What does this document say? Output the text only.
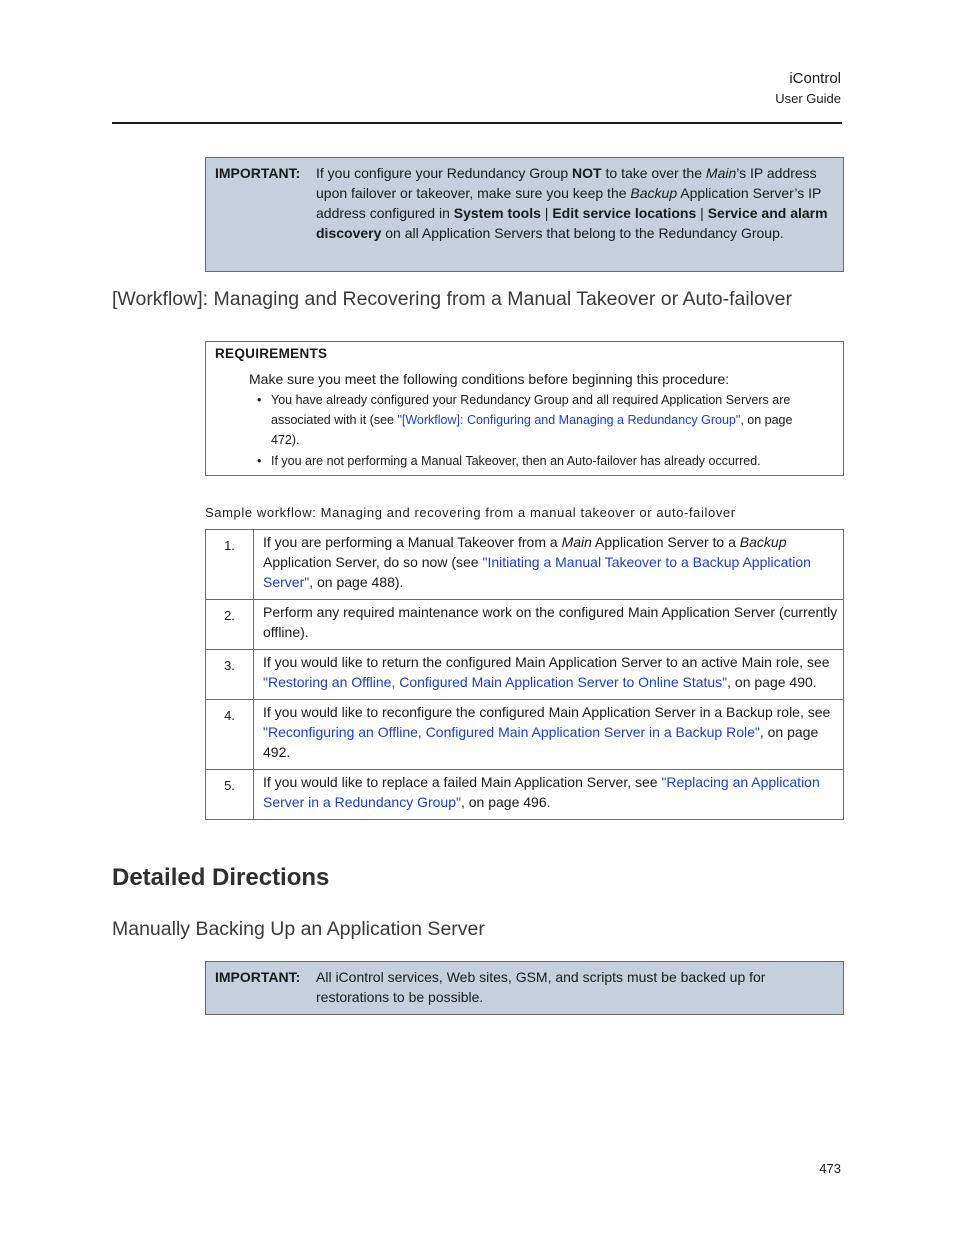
iControl
User Guide
IMPORTANT: If you configure your Redundancy Group NOT to take over the Main’s IP address upon failover or takeover, make sure you keep the Backup Application Server’s IP address configured in System tools | Edit service locations | Service and alarm discovery on all Application Servers that belong to the Redundancy Group.
[Workflow]: Managing and Recovering from a Manual Takeover or Auto-failover
REQUIREMENTS
Make sure you meet the following conditions before beginning this procedure:
• You have already configured your Redundancy Group and all required Application Servers are associated with it (see "[Workflow]: Configuring and Managing a Redundancy Group", on page 472).
• If you are not performing a Manual Takeover, then an Auto-failover has already occurred.
Sample workflow: Managing and recovering from a manual takeover or auto-failover
1.	If you are performing a Manual Takeover from a Main Application Server to a Backup Application Server, do so now (see "Initiating a Manual Takeover to a Backup Application Server", on page 488).
2.	Perform any required maintenance work on the configured Main Application Server (currently offline).
3.	If you would like to return the configured Main Application Server to an active Main role, see "Restoring an Offline, Configured Main Application Server to Online Status", on page 490.
4.	If you would like to reconfigure the configured Main Application Server in a Backup role, see "Reconfiguring an Offline, Configured Main Application Server in a Backup Role", on page 492.
5.	If you would like to replace a failed Main Application Server, see "Replacing an Application Server in a Redundancy Group", on page 496.
Detailed Directions
Manually Backing Up an Application Server
IMPORTANT: All iControl services, Web sites, GSM, and scripts must be backed up for restorations to be possible.
473
